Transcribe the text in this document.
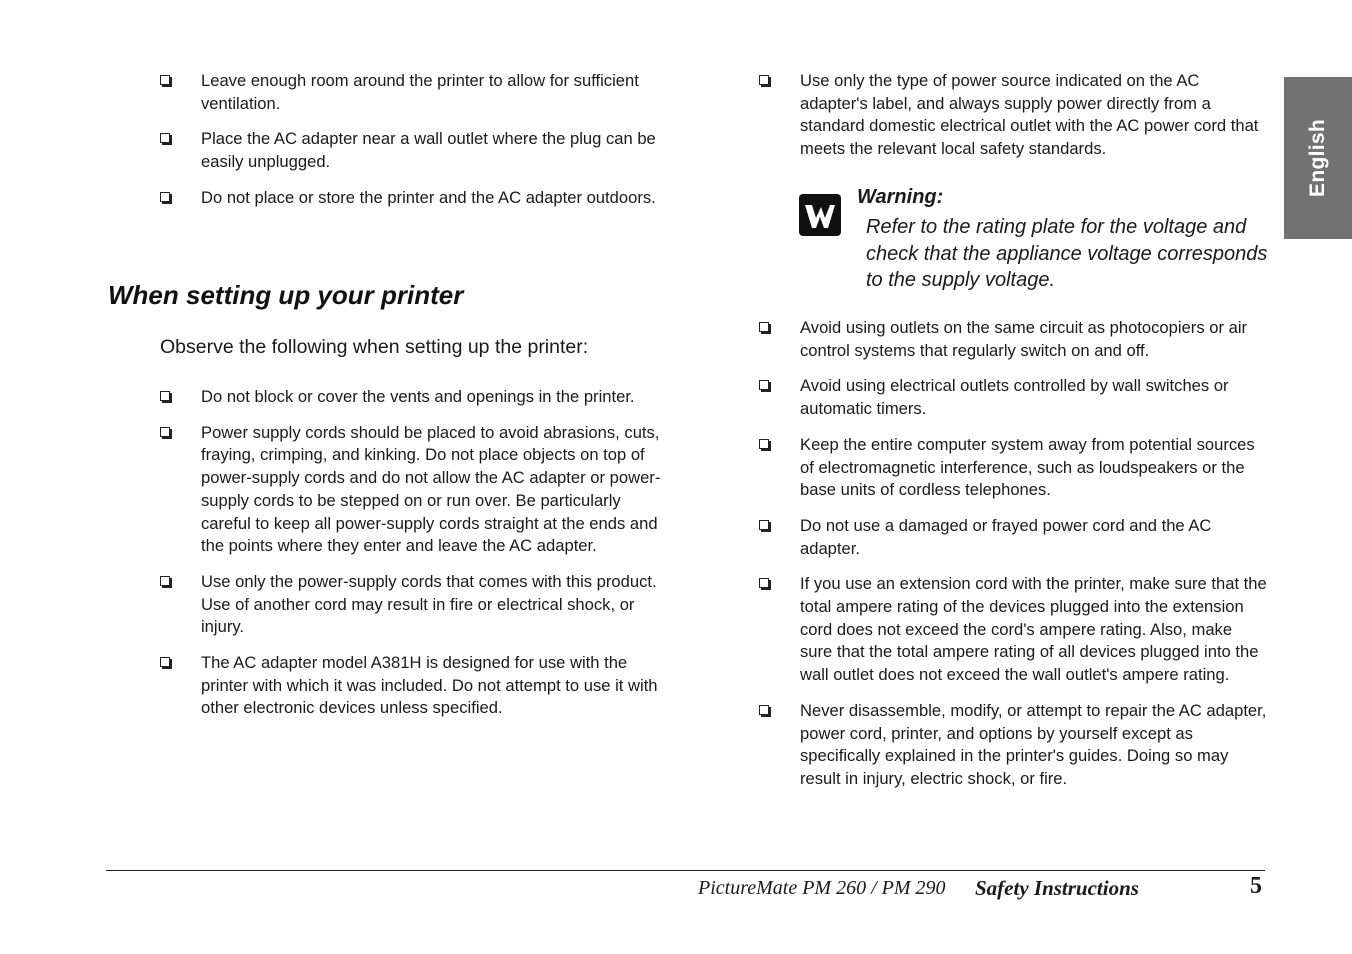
English
Leave enough room around the printer to allow for sufficient ventilation.
Place the AC adapter near a wall outlet where the plug can be easily unplugged.
Do not place or store the printer and the AC adapter outdoors.
When setting up your printer

Observe the following when setting up the printer:

Do not block or cover the vents and openings in the printer.
Power supply cords should be placed to avoid abrasions, cuts, fraying, crimping, and kinking. Do not place objects on top of power-supply cords and do not allow the AC adapter or power-supply cords to be stepped on or run over. Be particularly careful to keep all power-supply cords straight at the ends and the points where they enter and leave the AC adapter.
Use only the power-supply cords that comes with this product. Use of another cord may result in fire or electrical shock, or injury.
The AC adapter model A381H is designed for use with the printer with which it was included. Do not attempt to use it with other electronic devices unless specified.
Use only the type of power source indicated on the AC adapter's label, and always supply power directly from a standard domestic electrical outlet with the AC power cord that meets the relevant local safety standards.
Warning:
Refer to the rating plate for the voltage and check that the appliance voltage corresponds to the supply voltage.
Avoid using outlets on the same circuit as photocopiers or air control systems that regularly switch on and off.
Avoid using electrical outlets controlled by wall switches or automatic timers.
Keep the entire computer system away from potential sources of electromagnetic interference, such as loudspeakers or the base units of cordless telephones.
Do not use a damaged or frayed power cord and the AC adapter.
If you use an extension cord with the printer, make sure that the total ampere rating of the devices plugged into the extension cord does not exceed the cord's ampere rating. Also, make sure that the total ampere rating of all devices plugged into the wall outlet does not exceed the wall outlet's ampere rating.
Never disassemble, modify, or attempt to repair the AC adapter, power cord, printer, and options by yourself except as specifically explained in the printer's guides. Doing so may result in injury, electric shock, or fire.
PictureMate PM 260 / PM 290 Safety Instructions	5
